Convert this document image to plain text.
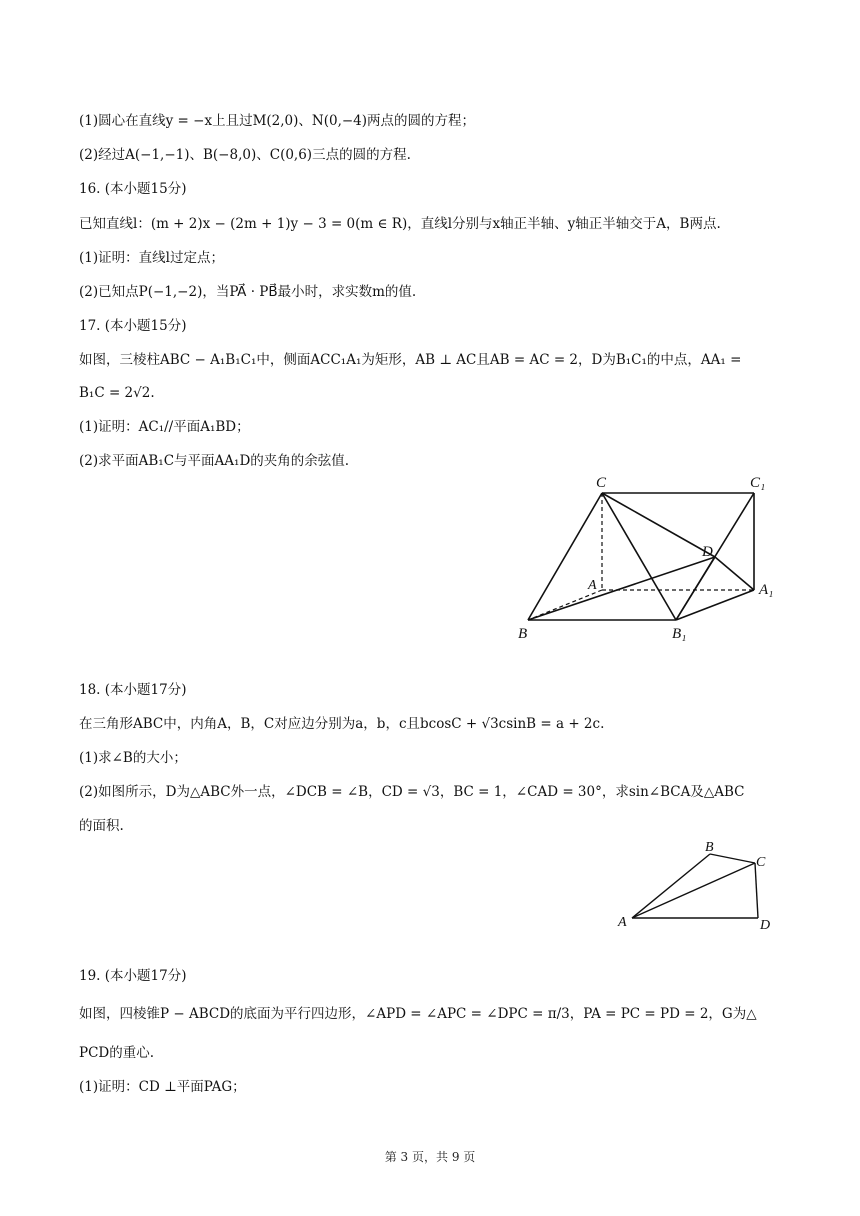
(1)圆心在直线y = −x上且过M(2,0)、N(0,−4)两点的圆的方程；
(2)经过A(−1,−1)、B(−8,0)、C(0,6)三点的圆的方程.
16. (本小题15分)
已知直线l：(m + 2)x − (2m + 1)y − 3 = 0(m ∈ R)，直线l分别与x轴正半轴、y轴正半轴交于A，B两点.
(1)证明：直线l过定点；
(2)已知点P(−1,−2)，当PA⃗ · PB⃗最小时，求实数m的值.
17. (本小题15分)
如图，三棱柱ABC − A₁B₁C₁中，侧面ACC₁A₁为矩形，AB ⊥ AC且AB = AC = 2，D为B₁C₁的中点，AA₁ =
B₁C = 2√2.
(1)证明：AC₁//平面A₁BD；
(2)求平面AB₁C与平面AA₁D的夹角的余弦值.
C	C₁
D
A	A₁
B	B₁
18. (本小题17分)
在三角形ABC中，内角A，B，C对应边分别为a，b，c且bcosC + √3csinB = a + 2c.
(1)求∠B的大小；
(2)如图所示，D为△ABC外一点，∠DCB = ∠B，CD = √3，BC = 1，∠CAD = 30°，求sin∠BCA及△ABC
的面积.
B
C
A	D
19. (本小题17分)
如图，四棱锥P − ABCD的底面为平行四边形，∠APD = ∠APC = ∠DPC = π/3，PA = PC = PD = 2，G为△
PCD的重心.
(1)证明：CD ⊥平面PAG；
第 3 页，共 9 页
